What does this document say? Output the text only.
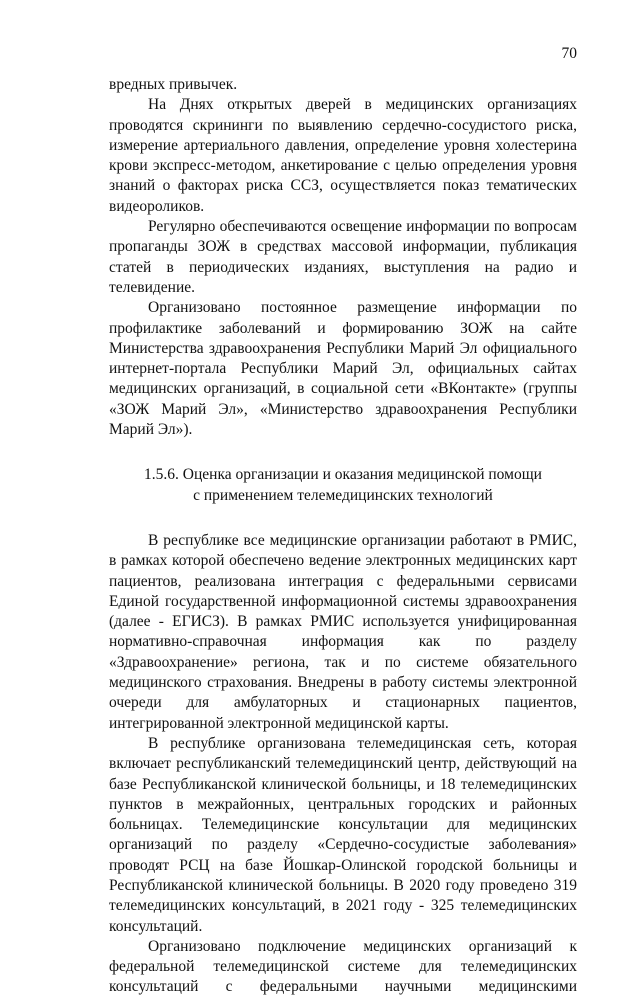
70

вредных привычек.

На Днях открытых дверей в медицинских организациях проводятся скрининги по выявлению сердечно-сосудистого риска, измерение артериального давления, определение уровня холестерина крови экспресс-методом, анкетирование с целью определения уровня знаний о факторах риска ССЗ, осуществляется показ тематических видеороликов.

Регулярно обеспечиваются освещение информации по вопросам пропаганды ЗОЖ в средствах массовой информации, публикация статей в периодических изданиях, выступления на радио и телевидение.

Организовано постоянное размещение информации по профилактике заболеваний и формированию ЗОЖ на сайте Министерства здравоохранения Республики Марий Эл официального интернет-портала Республики Марий Эл, официальных сайтах медицинских организаций, в социальной сети «ВКонтакте» (группы «ЗОЖ Марий Эл», «Министерство здравоохранения Республики Марий Эл»).

1.5.6. Оценка организации и оказания медицинской помощи
с применением телемедицинских технологий

В республике все медицинские организации работают в РМИС, в рамках которой обеспечено ведение электронных медицинских карт пациентов, реализована интеграция с федеральными сервисами Единой государственной информационной системы здравоохранения (далее - ЕГИСЗ). В рамках РМИС используется унифицированная нормативно-справочная информация как по разделу «Здравоохранение» региона, так и по системе обязательного медицинского страхования. Внедрены в работу системы электронной очереди для амбулаторных и стационарных пациентов, интегрированной электронной медицинской карты.

В республике организована телемедицинская сеть, которая включает республиканский телемедицинский центр, действующий на базе Республиканской клинической больницы, и 18 телемедицинских пунктов в межрайонных, центральных городских и районных больницах. Телемедицинские консультации для медицинских организаций по разделу «Сердечно-сосудистые заболевания» проводят РСЦ на базе Йошкар-Олинской городской больницы и Республиканской клинической больницы. В 2020 году проведено 319 телемедицинских консультаций, в 2021 году - 325 телемедицинских консультаций.

Организовано подключение медицинских организаций к федеральной телемедицинской системе для телемедицинских консультаций с федеральными научными медицинскими
